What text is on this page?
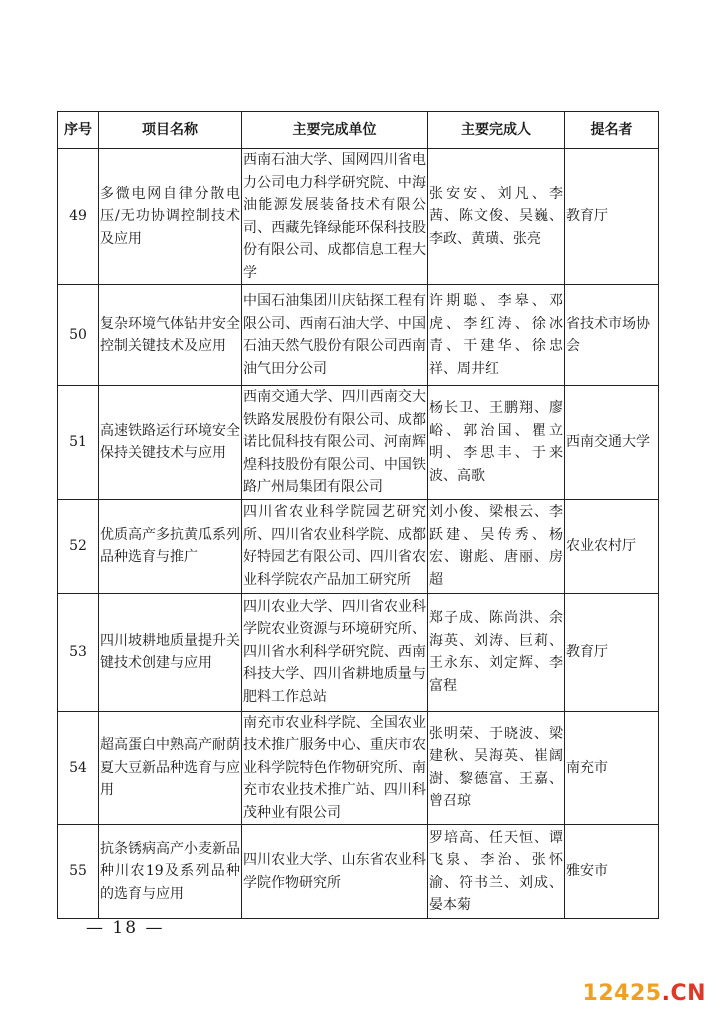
序号	项目名称	主要完成单位	主要完成人	提名者
49	多微电网自律分散电压/无功协调控制技术及应用	西南石油大学、国网四川省电力公司电力科学研究院、中海油能源发展装备技术有限公司、西藏先锋绿能环保科技股份有限公司、成都信息工程大学	张安安、刘凡、李茜、陈文俊、吴巍、李政、黄璜、张亮	教育厅
50	复杂环境气体钻井安全控制关键技术及应用	中国石油集团川庆钻探工程有限公司、西南石油大学、中国石油天然气股份有限公司西南油气田分公司	许期聪、李皋、邓虎、李红涛、徐冰青、干建华、徐忠祥、周井红	省技术市场协会
51	高速铁路运行环境安全保持关键技术与应用	西南交通大学、四川西南交大铁路发展股份有限公司、成都诺比侃科技有限公司、河南辉煌科技股份有限公司、中国铁路广州局集团有限公司	杨长卫、王鹏翔、廖峪、郭治国、瞿立明、李思丰、于来波、高歌	西南交通大学
52	优质高产多抗黄瓜系列品种选育与推广	四川省农业科学院园艺研究所、四川省农业科学院、成都好特园艺有限公司、四川省农业科学院农产品加工研究所	刘小俊、梁根云、李跃建、吴传秀、杨宏、谢彪、唐丽、房超	农业农村厅
53	四川坡耕地质量提升关键技术创建与应用	四川农业大学、四川省农业科学院农业资源与环境研究所、四川省水利科学研究院、西南科技大学、四川省耕地质量与肥料工作总站	郑子成、陈尚洪、余海英、刘涛、巨莉、王永东、刘定辉、李富程	教育厅
54	超高蛋白中熟高产耐荫夏大豆新品种选育与应用	南充市农业科学院、全国农业技术推广服务中心、重庆市农业科学院特色作物研究所、南充市农业技术推广站、四川科茂种业有限公司	张明荣、于晓波、梁建秋、吴海英、崔阔澍、黎德富、王嘉、曾召琼	南充市
55	抗条锈病高产小麦新品种川农19及系列品种的选育与应用	四川农业大学、山东省农业科学院作物研究所	罗培高、任天恒、谭飞泉、李治、张怀渝、符书兰、刘成、晏本菊	雅安市
— 18 —
12425.CN
